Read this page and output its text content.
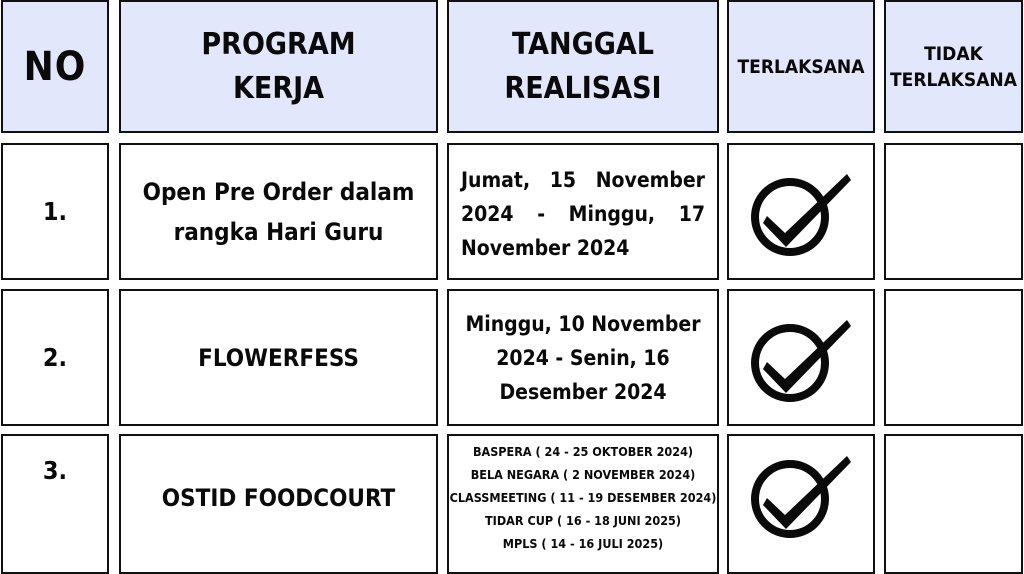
NO	PROGRAM
KERJA
TANGGAL
REALISASI
TERLAKSANA
TIDAK
TERLAKSANA
1.
Open Pre Order dalam
rangka Hari Guru
Jumat, 15 November 2024 - Minggu, 17 November 2024
2.	FLOWERFESS
Minggu, 10 November
2024 - Senin, 16
Desember 2024
3.
OSTID FOODCOURT
BASPERA ( 24 - 25 OKTOBER 2024)
BELA NEGARA ( 2 NOVEMBER 2024)
CLASSMEETING ( 11 - 19 DESEMBER 2024)
TIDAR CUP ( 16 - 18 JUNI 2025)
MPLS ( 14 - 16 JULI 2025)
